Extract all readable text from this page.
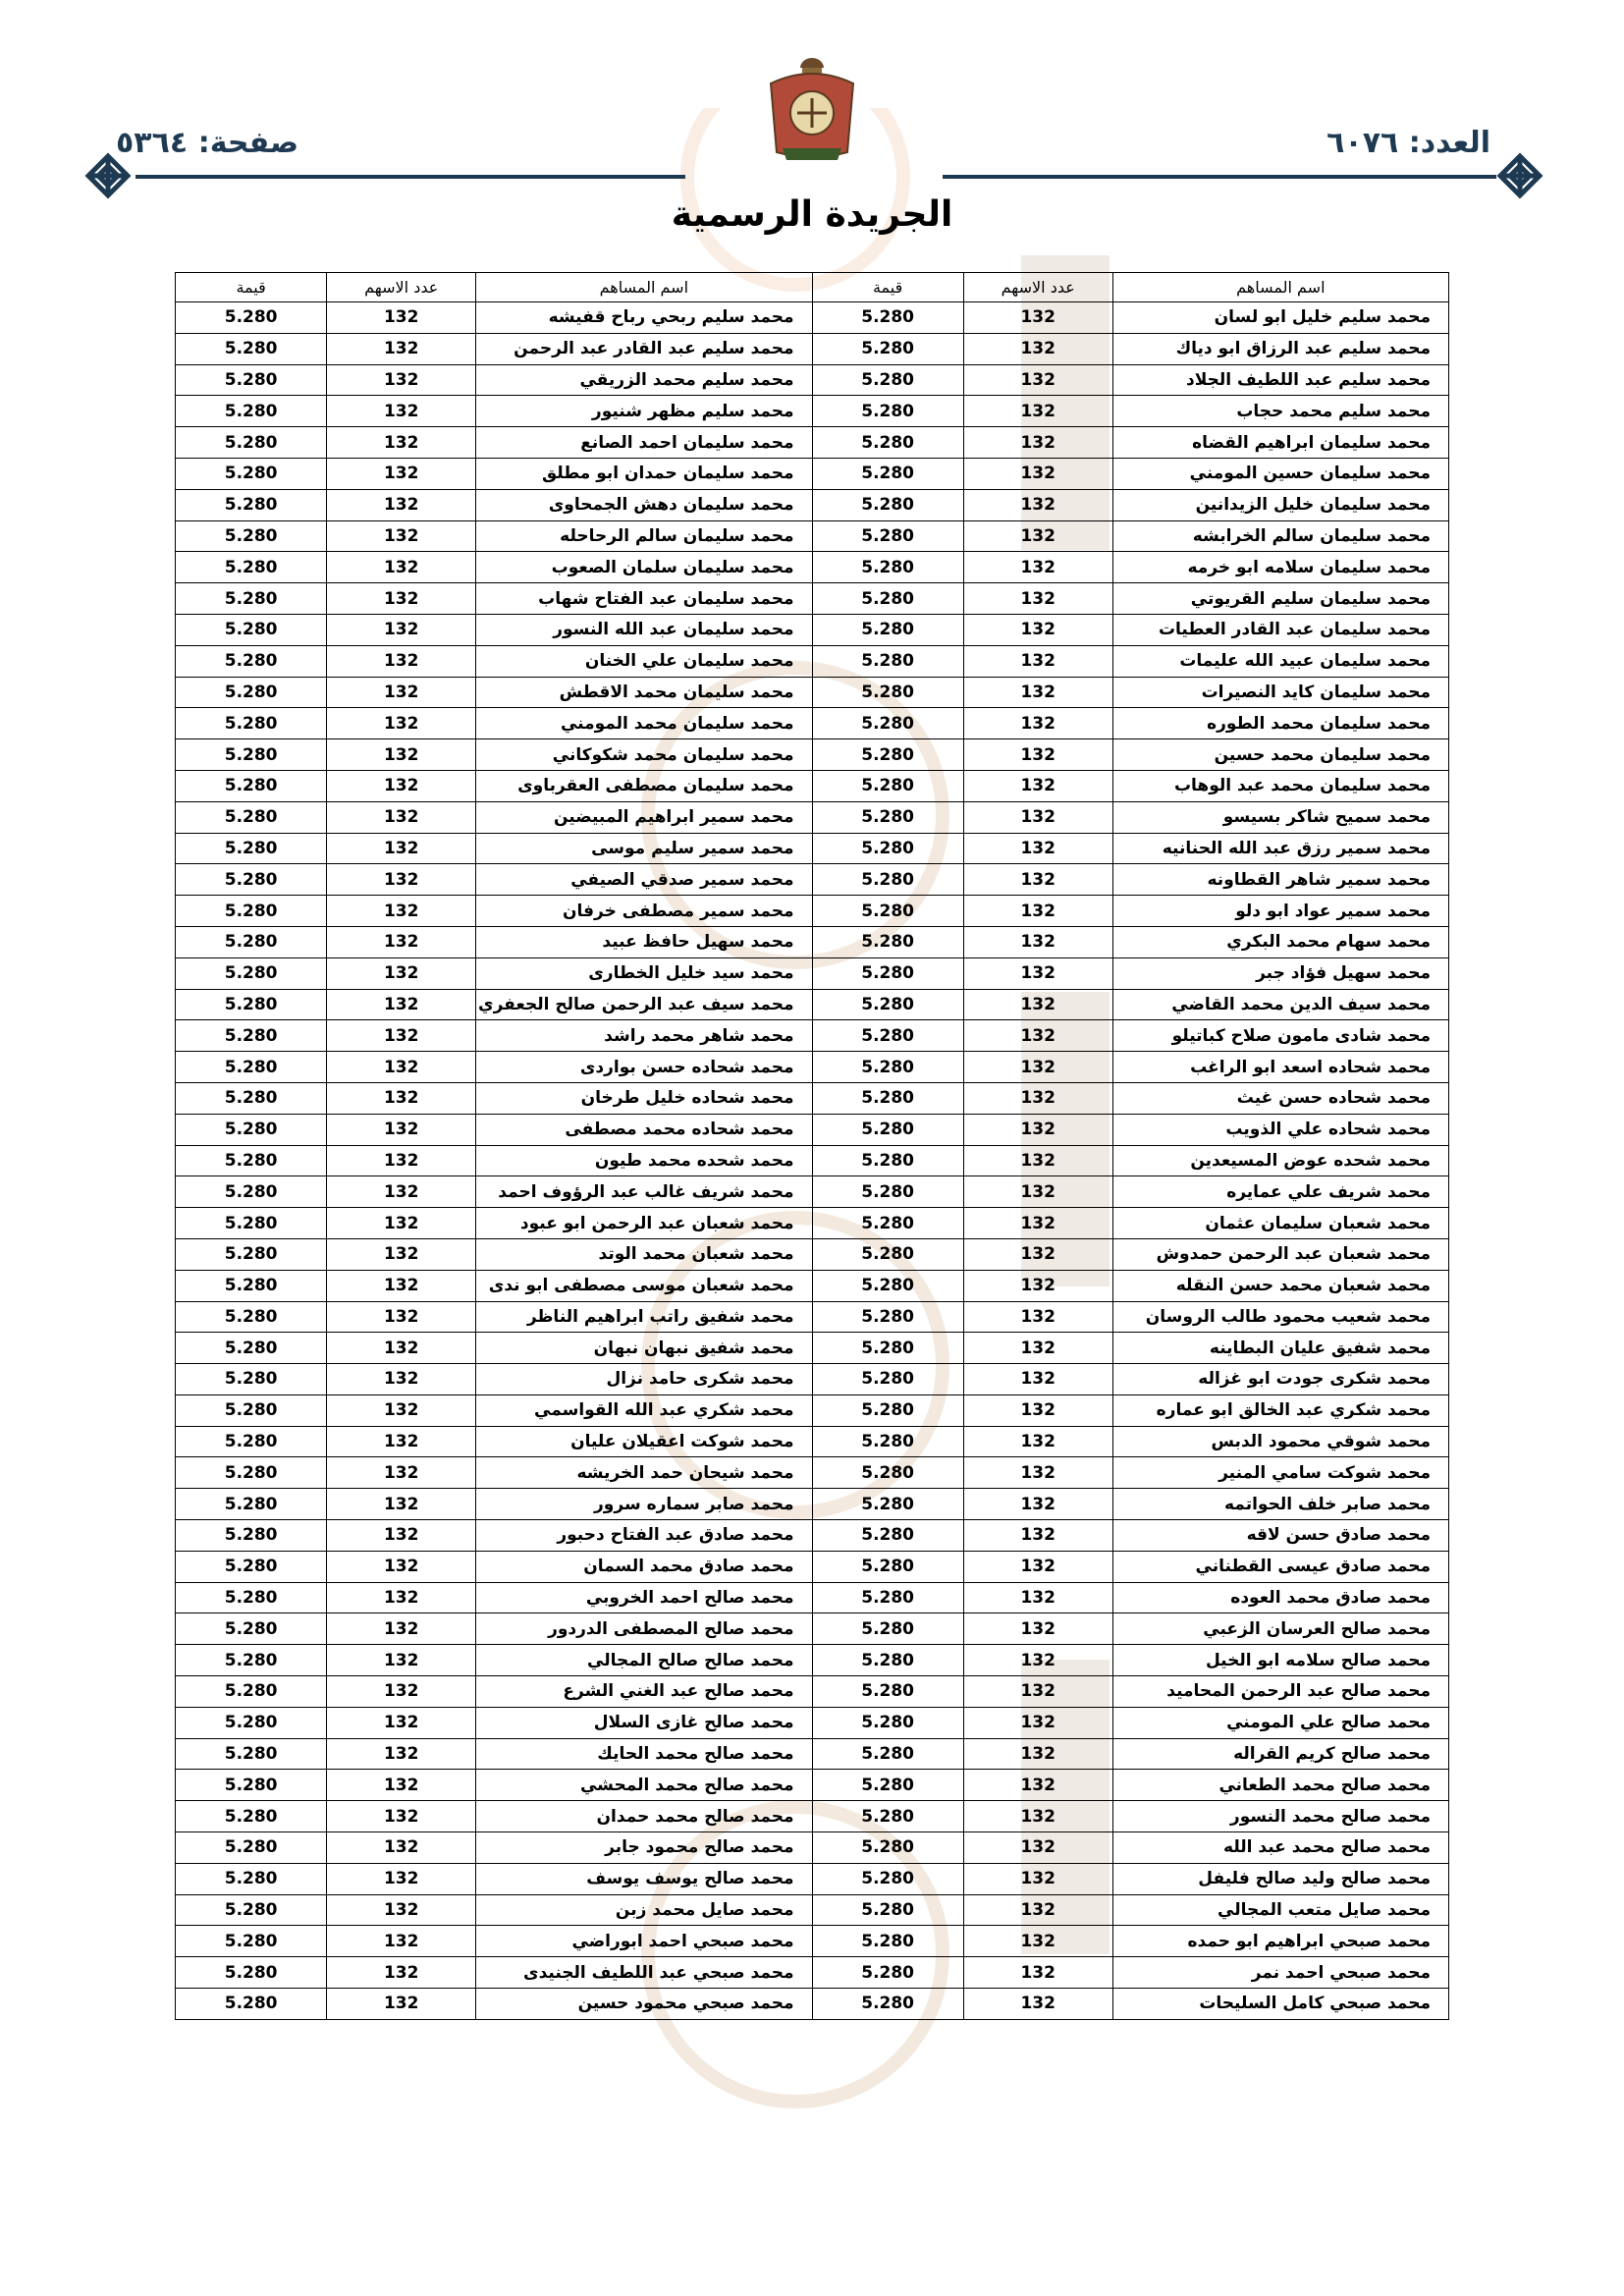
العدد: ٦٠٧٦
صفحة: ٥٣٦٤
الجريدة الرسمية
اسم المساهم	عدد الاسهم	قيمة	اسم المساهم	عدد الاسهم	قيمة
محمد سليم خليل ابو لسان	132	5.280	محمد سليم ربحي رباح قفيشه	132	5.280
محمد سليم عبد الرزاق ابو دياك	132	5.280	محمد سليم عبد القادر عبد الرحمن	132	5.280
محمد سليم عبد اللطيف الجلاد	132	5.280	محمد سليم محمد الزريقي	132	5.280
محمد سليم محمد حجاب	132	5.280	محمد سليم مظهر شنيور	132	5.280
محمد سليمان ابراهيم القضاه	132	5.280	محمد سليمان احمد الصانع	132	5.280
محمد سليمان حسين المومني	132	5.280	محمد سليمان حمدان ابو مطلق	132	5.280
محمد سليمان خليل الزيدانين	132	5.280	محمد سليمان دهش الجمحاوى	132	5.280
محمد سليمان سالم الخرابشه	132	5.280	محمد سليمان سالم الرحاحله	132	5.280
محمد سليمان سلامه ابو خرمه	132	5.280	محمد سليمان سلمان الصعوب	132	5.280
محمد سليمان سليم القريوتي	132	5.280	محمد سليمان عبد الفتاح شهاب	132	5.280
محمد سليمان عبد القادر العطيات	132	5.280	محمد سليمان عبد الله النسور	132	5.280
محمد سليمان عبيد الله عليمات	132	5.280	محمد سليمان علي الخنان	132	5.280
محمد سليمان كايد النصيرات	132	5.280	محمد سليمان محمد الاقطش	132	5.280
محمد سليمان محمد الطوره	132	5.280	محمد سليمان محمد المومني	132	5.280
محمد سليمان محمد حسين	132	5.280	محمد سليمان محمد شكوكاني	132	5.280
محمد سليمان محمد عبد الوهاب	132	5.280	محمد سليمان مصطفى العقرباوى	132	5.280
محمد سميح شاكر بسيسو	132	5.280	محمد سمير ابراهيم المبيضين	132	5.280
محمد سمير رزق عبد الله الحنانيه	132	5.280	محمد سمير سليم موسى	132	5.280
محمد سمير شاهر القطاونه	132	5.280	محمد سمير صدقي الصيفي	132	5.280
محمد سمير عواد ابو دلو	132	5.280	محمد سمير مصطفى خرفان	132	5.280
محمد سهام محمد البكري	132	5.280	محمد سهيل حافظ عبيد	132	5.280
محمد سهيل فؤاد جبر	132	5.280	محمد سيد خليل الخطارى	132	5.280
محمد سيف الدين محمد القاضي	132	5.280	محمد سيف عبد الرحمن صالح الجعفري	132	5.280
محمد شادى مامون صلاح كباتيلو	132	5.280	محمد شاهر محمد راشد	132	5.280
محمد شحاده اسعد ابو الراغب	132	5.280	محمد شحاده حسن بواردى	132	5.280
محمد شحاده حسن غيث	132	5.280	محمد شحاده خليل طرخان	132	5.280
محمد شحاده علي الذويب	132	5.280	محمد شحاده محمد مصطفى	132	5.280
محمد شحده عوض المسيعدين	132	5.280	محمد شحده محمد طيون	132	5.280
محمد شريف علي عمايره	132	5.280	محمد شريف غالب عبد الرؤوف احمد	132	5.280
محمد شعبان سليمان عثمان	132	5.280	محمد شعبان عبد الرحمن ابو عبود	132	5.280
محمد شعبان عبد الرحمن حمدوش	132	5.280	محمد شعبان محمد الوتد	132	5.280
محمد شعبان محمد حسن النقله	132	5.280	محمد شعبان موسى مصطفى ابو ندى	132	5.280
محمد شعيب محمود طالب الروسان	132	5.280	محمد شفيق راتب ابراهيم الناظر	132	5.280
محمد شفيق عليان البطاينه	132	5.280	محمد شفيق نبهان نبهان	132	5.280
محمد شكرى جودت ابو غزاله	132	5.280	محمد شكرى حامد نزال	132	5.280
محمد شكري عبد الخالق ابو عماره	132	5.280	محمد شكري عبد الله القواسمي	132	5.280
محمد شوقي محمود الدبس	132	5.280	محمد شوكت اعقيلان عليان	132	5.280
محمد شوكت سامي المنير	132	5.280	محمد شيحان حمد الخريشه	132	5.280
محمد صابر خلف الحواتمه	132	5.280	محمد صابر سماره سرور	132	5.280
محمد صادق حسن لاقه	132	5.280	محمد صادق عبد الفتاح دحبور	132	5.280
محمد صادق عيسى القطناني	132	5.280	محمد صادق محمد السمان	132	5.280
محمد صادق محمد العوده	132	5.280	محمد صالح احمد الخروبي	132	5.280
محمد صالح العرسان الزعبي	132	5.280	محمد صالح المصطفى الدردور	132	5.280
محمد صالح سلامه ابو الخيل	132	5.280	محمد صالح صالح المجالي	132	5.280
محمد صالح عبد الرحمن المحاميد	132	5.280	محمد صالح عبد الغني الشرع	132	5.280
محمد صالح علي المومني	132	5.280	محمد صالح غازى السلال	132	5.280
محمد صالح كريم القراله	132	5.280	محمد صالح محمد الحايك	132	5.280
محمد صالح محمد الطعاني	132	5.280	محمد صالح محمد المحشي	132	5.280
محمد صالح محمد النسور	132	5.280	محمد صالح محمد حمدان	132	5.280
محمد صالح محمد عبد الله	132	5.280	محمد صالح محمود جابر	132	5.280
محمد صالح وليد صالح فليفل	132	5.280	محمد صالح يوسف يوسف	132	5.280
محمد صايل متعب المجالي	132	5.280	محمد صايل محمد زبن	132	5.280
محمد صبحي ابراهيم ابو حمده	132	5.280	محمد صبحي احمد ابوراضي	132	5.280
محمد صبحي احمد نمر	132	5.280	محمد صبحي عبد اللطيف الجنيدى	132	5.280
محمد صبحي كامل السليحات	132	5.280	محمد صبحي محمود حسين	132	5.280
